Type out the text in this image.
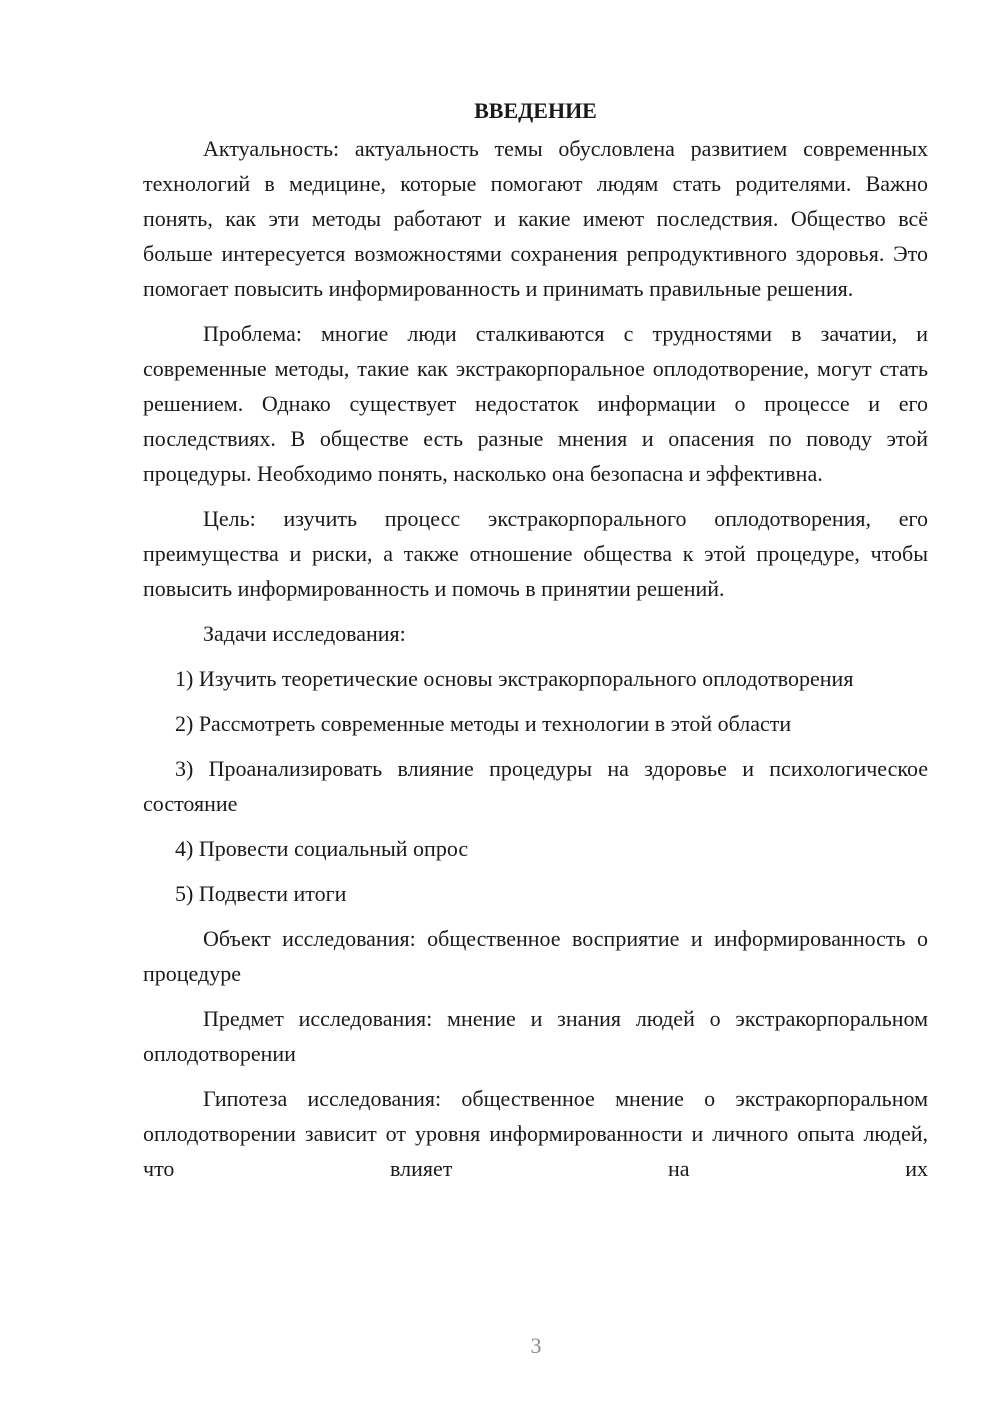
ВВЕДЕНИЕ

Актуальность: актуальность темы обусловлена развитием современных технологий в медицине, которые помогают людям стать родителями. Важно понять, как эти методы работают и какие имеют последствия. Общество всё больше интересуется возможностями сохранения репродуктивного здоровья. Это помогает повысить информированность и принимать правильные решения.

Проблема: многие люди сталкиваются с трудностями в зачатии, и современные методы, такие как экстракорпоральное оплодотворение, могут стать решением. Однако существует недостаток информации о процессе и его последствиях. В обществе есть разные мнения и опасения по поводу этой процедуры. Необходимо понять, насколько она безопасна и эффективна.

Цель: изучить процесс экстракорпорального оплодотворения, его преимущества и риски, а также отношение общества к этой процедуре, чтобы повысить информированность и помочь в принятии решений.

Задачи исследования:

1) Изучить теоретические основы экстракорпорального оплодотворения

2) Рассмотреть современные методы и технологии в этой области

3) Проанализировать влияние процедуры на здоровье и психологическое состояние

4) Провести социальный опрос

5) Подвести итоги

Объект исследования: общественное восприятие и информированность о процедуре

Предмет исследования: мнение и знания людей о экстракорпоральном оплодотворении

Гипотеза исследования: общественное мнение о экстракорпоральном оплодотворении зависит от уровня информированности и личного опыта людей, что влияет на их

3
